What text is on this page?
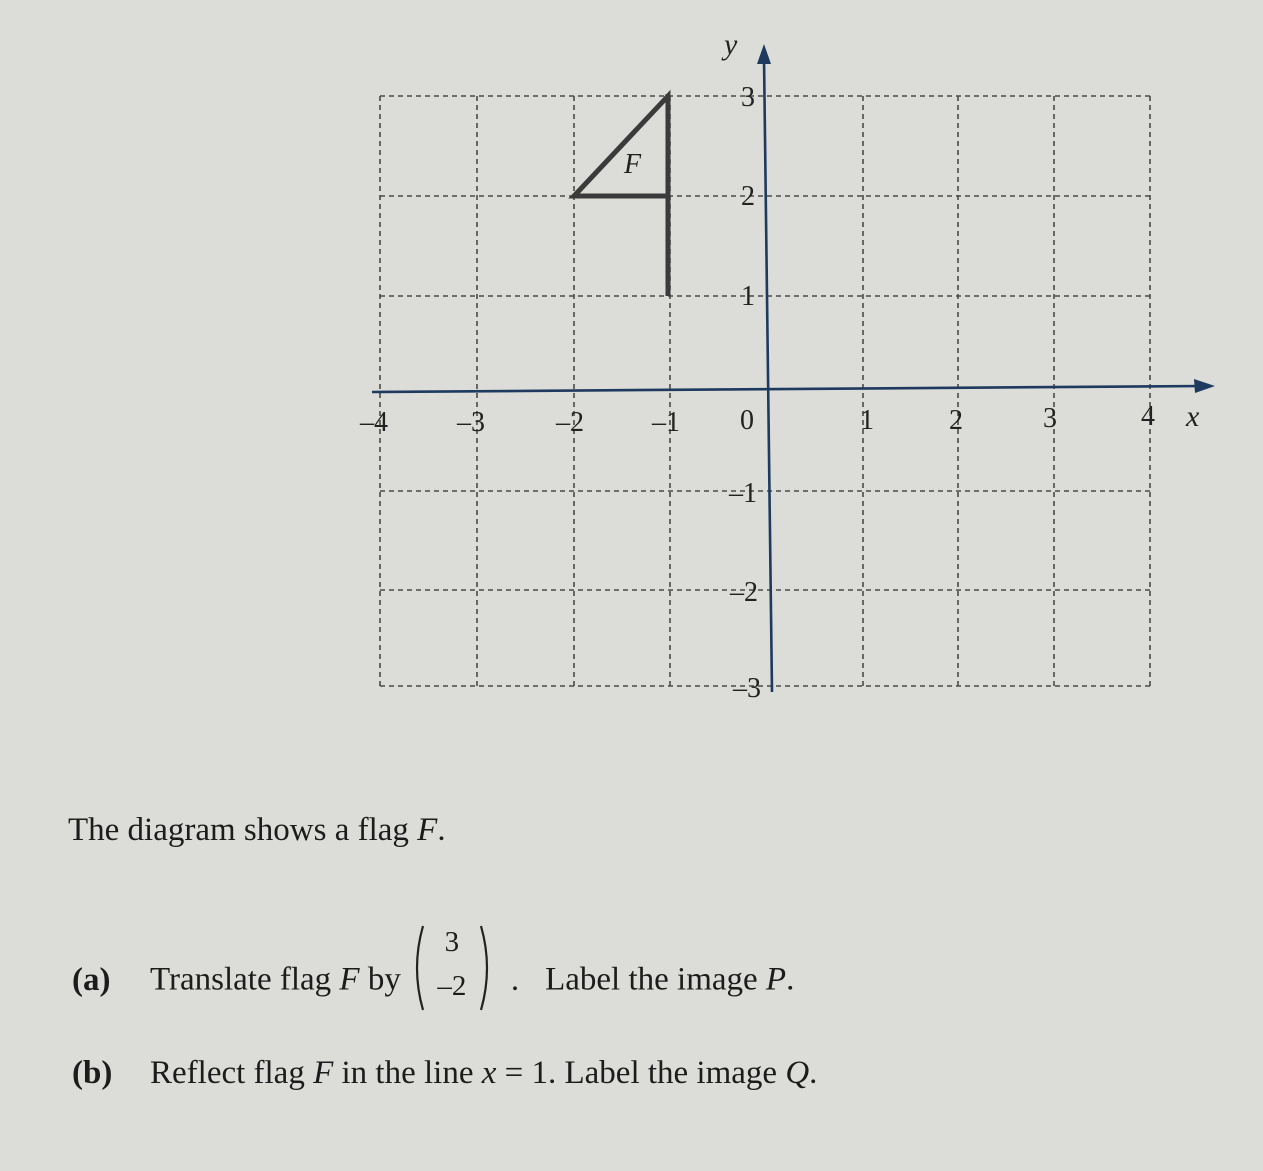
y
x
–4 –3	–2 –1 0	1	2	3	4
3
2
1
–1
–2
–3
F
The diagram shows a flag F.
(a) Translate flag F by
3
–2	. Label the image P.
(b) Reflect flag F in the line x = 1. Label the image Q.
